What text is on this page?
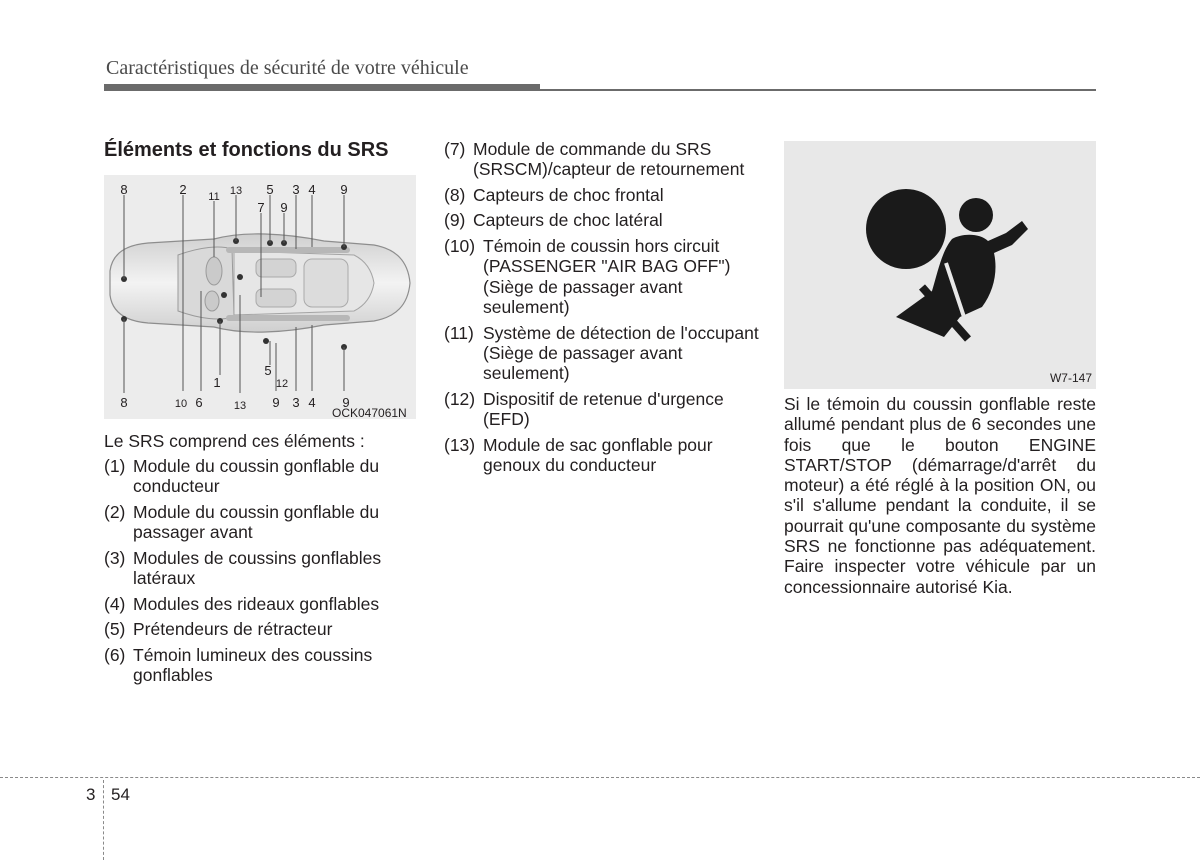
Caractéristiques de sécurité de votre véhicule
Éléments et fonctions du SRS
8	2 11 13 5 3 4 9
7 9
8	10 6	13 9 3 4 9
1
5
12
OCK047061N
Le SRS comprend ces éléments :
(1) Module du coussin gonflable du conducteur
(2) Module du coussin gonflable du passager avant
(3) Modules de coussins gonflables latéraux
(4) Modules des rideaux gonflables
(5) Prétendeurs de rétracteur
(6) Témoin lumineux des coussins gonflables
(7) Module de commande du SRS (SRSCM)/capteur de retournement
(8) Capteurs de choc frontal
(9) Capteurs de choc latéral
(10) Témoin de coussin hors circuit (PASSENGER "AIR BAG OFF") (Siège de passager avant seulement)
(11) Système de détection de l'occupant (Siège de passager avant seulement)
(12) Dispositif de retenue d'urgence (EFD)
(13) Module de sac gonflable pour genoux du conducteur
W7-147

Si le témoin du coussin gonflable reste allumé pendant plus de 6 secondes une fois que le bouton ENGINE START/STOP (démarrage/d'arrêt du moteur) a été réglé à la position ON, ou s'il s'allume pendant la conduite, il se pourrait qu'une composante du système SRS ne fonctionne pas adéquatement. Faire inspecter votre véhicule par un concessionnaire autorisé Kia.

3 54
